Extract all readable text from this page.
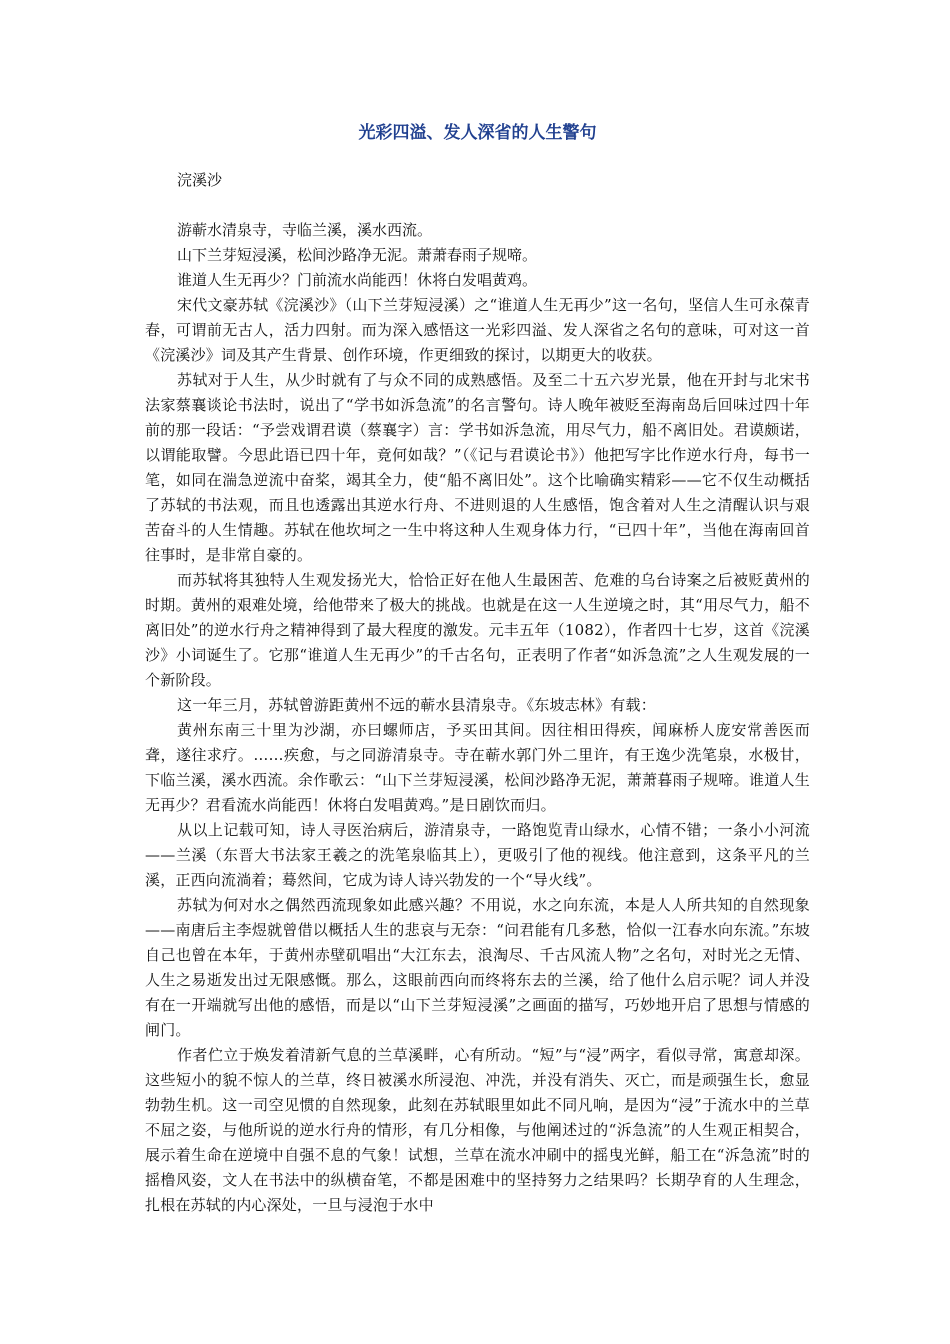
光彩四溢、发人深省的人生警句
浣溪沙

游蕲水清泉寺，寺临兰溪，溪水西流。

山下兰芽短浸溪，松间沙路净无泥。萧萧春雨子规啼。

谁道人生无再少？门前流水尚能西！休将白发唱黄鸡。

宋代文豪苏轼《浣溪沙》（山下兰芽短浸溪）之“谁道人生无再少”这一名句，坚信人生可永葆青春，可谓前无古人，活力四射。而为深入感悟这一光彩四溢、发人深省之名句的意味，可对这一首《浣溪沙》词及其产生背景、创作环境，作更细致的探讨，以期更大的收获。

苏轼对于人生，从少时就有了与众不同的成熟感悟。及至二十五六岁光景，他在开封与北宋书法家蔡襄谈论书法时，说出了“学书如泝急流”的名言警句。诗人晚年被贬至海南岛后回味过四十年前的那一段话：“予尝戏谓君谟（蔡襄字）言：学书如泝急流，用尽气力，船不离旧处。君谟颇诺，以谓能取譬。今思此语已四十年，竟何如哉？”（《记与君谟论书》）他把写字比作逆水行舟，每书一笔，如同在湍急逆流中奋桨，竭其全力，使“船不离旧处”。这个比喻确实精彩——它不仅生动概括了苏轼的书法观，而且也透露出其逆水行舟、不进则退的人生感悟，饱含着对人生之清醒认识与艰苦奋斗的人生情趣。苏轼在他坎坷之一生中将这种人生观身体力行，“已四十年”，当他在海南回首往事时，是非常自豪的。

而苏轼将其独特人生观发扬光大，恰恰正好在他人生最困苦、危难的乌台诗案之后被贬黄州的时期。黄州的艰难处境，给他带来了极大的挑战。也就是在这一人生逆境之时，其“用尽气力，船不离旧处”的逆水行舟之精神得到了最大程度的激发。元丰五年（1082），作者四十七岁，这首《浣溪沙》小词诞生了。它那“谁道人生无再少”的千古名句，正表明了作者“如泝急流”之人生观发展的一个新阶段。

这一年三月，苏轼曾游距黄州不远的蕲水县清泉寺。《东坡志林》有载：

黄州东南三十里为沙湖，亦曰螺师店，予买田其间。因往相田得疾，闻麻桥人庞安常善医而聋，遂往求疗。……疾愈，与之同游清泉寺。寺在蕲水郭门外二里许，有王逸少洗笔泉，水极甘，下临兰溪，溪水西流。余作歌云：“山下兰芽短浸溪，松间沙路净无泥，萧萧暮雨子规啼。谁道人生无再少？君看流水尚能西！休将白发唱黄鸡。”是日剧饮而归。

从以上记载可知，诗人寻医治病后，游清泉寺，一路饱览青山绿水，心情不错；一条小小河流——兰溪（东晋大书法家王羲之的洗笔泉临其上），更吸引了他的视线。他注意到，这条平凡的兰溪，正西向流淌着；蓦然间，它成为诗人诗兴勃发的一个“导火线”。

苏轼为何对水之偶然西流现象如此感兴趣？不用说，水之向东流，本是人人所共知的自然现象——南唐后主李煜就曾借以概括人生的悲哀与无奈：“问君能有几多愁，恰似一江春水向东流。”东坡自己也曾在本年，于黄州赤壁矶唱出“大江东去，浪淘尽、千古风流人物”之名句，对时光之无情、人生之易逝发出过无限感慨。那么，这眼前西向而终将东去的兰溪，给了他什么启示呢？词人并没有在一开端就写出他的感悟，而是以“山下兰芽短浸溪”之画面的描写，巧妙地开启了思想与情感的闸门。

作者伫立于焕发着清新气息的兰草溪畔，心有所动。“短”与“浸”两字，看似寻常，寓意却深。这些短小的貌不惊人的兰草，终日被溪水所浸泡、冲洗，并没有消失、灭亡，而是顽强生长，愈显勃勃生机。这一司空见惯的自然现象，此刻在苏轼眼里如此不同凡响，是因为“浸”于流水中的兰草不屈之姿，与他所说的逆水行舟的情形，有几分相像，与他阐述过的“泝急流”的人生观正相契合，展示着生命在逆境中自强不息的气象！试想，兰草在流水冲刷中的摇曳光鲜，船工在“泝急流”时的摇橹风姿，文人在书法中的纵横奋笔，不都是困难中的坚持努力之结果吗？长期孕育的人生理念，扎根在苏轼的内心深处，一旦与浸泡于水中
